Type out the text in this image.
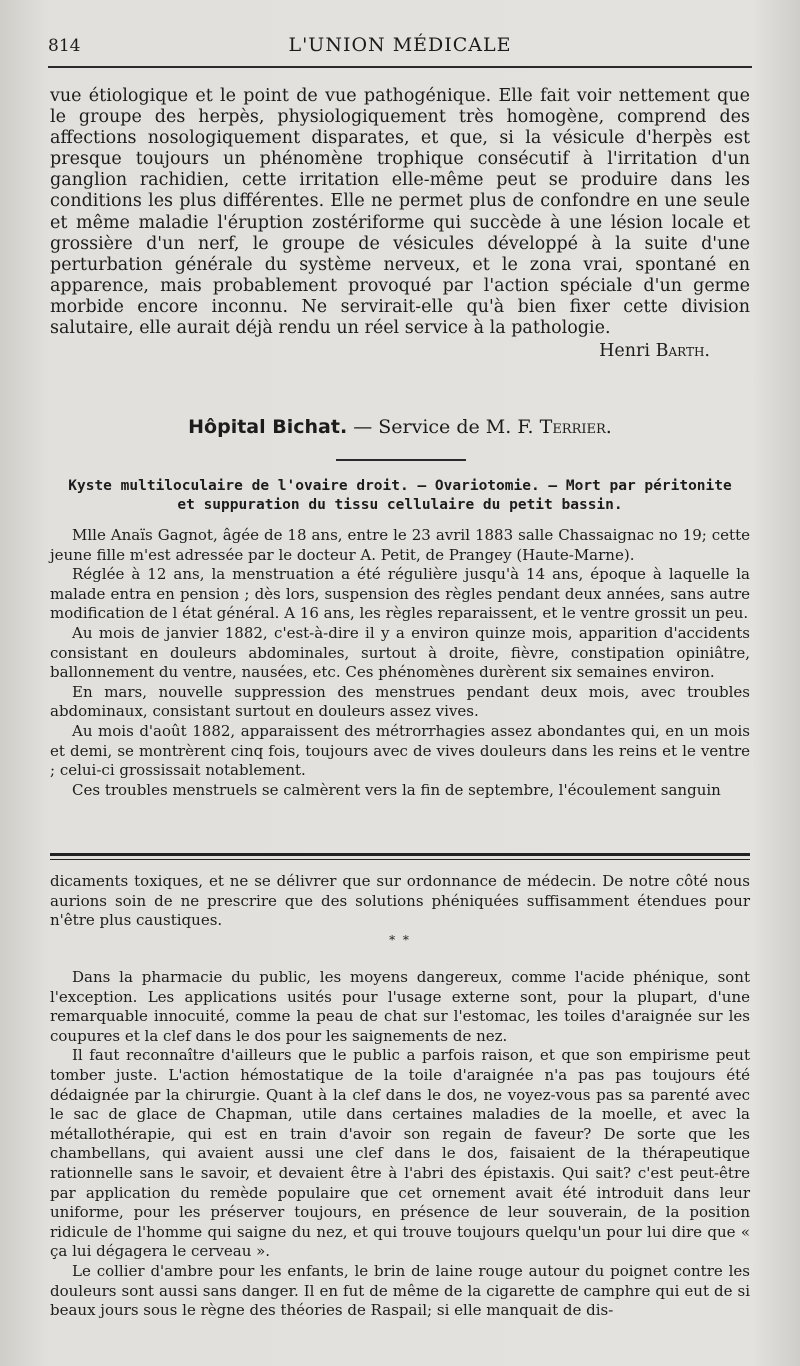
814	L'UNION MÉDICALE

vue étiologique et le point de vue pathogénique. Elle fait voir nettement que le groupe des herpès, physiologiquement très homogène, comprend des affections nosologiquement disparates, et que, si la vésicule d'herpès est presque toujours un phénomène trophique consécutif à l'irritation d'un ganglion rachidien, cette irritation elle-même peut se produire dans les conditions les plus différentes. Elle ne permet plus de confondre en une seule et même maladie l'éruption zostériforme qui succède à une lésion locale et grossière d'un nerf, le groupe de vésicules développé à la suite d'une perturbation générale du système nerveux, et le zona vrai, spontané en apparence, mais probablement provoqué par l'action spéciale d'un germe morbide encore inconnu. Ne servirait-elle qu'à bien fixer cette division salutaire, elle aurait déjà rendu un réel service à la pathologie.

Henri Barth.

Hôpital Bichat. — Service de M. F. Terrier.
Kyste multiloculaire de l'ovaire droit. — Ovariotomie. — Mort par péritonite
et suppuration du tissu cellulaire du petit bassin.

Mlle Anaïs Gagnot, âgée de 18 ans, entre le 23 avril 1883 salle Chassaignac no 19; cette jeune fille m'est adressée par le docteur A. Petit, de Prangey (Haute-Marne).

Réglée à 12 ans, la menstruation a été régulière jusqu'à 14 ans, époque à laquelle la malade entra en pension ; dès lors, suspension des règles pendant deux années, sans autre modification de l état général. A 16 ans, les règles reparaissent, et le ventre grossit un peu.

Au mois de janvier 1882, c'est-à-dire il y a environ quinze mois, apparition d'accidents consistant en douleurs abdominales, surtout à droite, fièvre, constipation opiniâtre, ballonnement du ventre, nausées, etc. Ces phénomènes durèrent six semaines environ.

En mars, nouvelle suppression des menstrues pendant deux mois, avec troubles abdominaux, consistant surtout en douleurs assez vives.

Au mois d'août 1882, apparaissent des métrorrhagies assez abondantes qui, en un mois et demi, se montrèrent cinq fois, toujours avec de vives douleurs dans les reins et le ventre ; celui-ci grossissait notablement.

Ces troubles menstruels se calmèrent vers la fin de septembre, l'écoulement sanguin

dicaments toxiques, et ne se délivrer que sur ordonnance de médecin. De notre côté nous aurions soin de ne prescrire que des solutions phéniquées suffisamment étendues pour n'être plus caustiques.

* *

Dans la pharmacie du public, les moyens dangereux, comme l'acide phénique, sont l'exception. Les applications usités pour l'usage externe sont, pour la plupart, d'une remarquable innocuité, comme la peau de chat sur l'estomac, les toiles d'araignée sur les coupures et la clef dans le dos pour les saignements de nez.

Il faut reconnaître d'ailleurs que le public a parfois raison, et que son empirisme peut tomber juste. L'action hémostatique de la toile d'araignée n'a pas pas toujours été dédaignée par la chirurgie. Quant à la clef dans le dos, ne voyez-vous pas sa parenté avec le sac de glace de Chapman, utile dans certaines maladies de la moelle, et avec la métallothérapie, qui est en train d'avoir son regain de faveur? De sorte que les chambellans, qui avaient aussi une clef dans le dos, faisaient de la thérapeutique rationnelle sans le savoir, et devaient être à l'abri des épistaxis. Qui sait? c'est peut-être par application du remède populaire que cet ornement avait été introduit dans leur uniforme, pour les préserver toujours, en présence de leur souverain, de la position ridicule de l'homme qui saigne du nez, et qui trouve toujours quelqu'un pour lui dire que « ça lui dégagera le cerveau ».

Le collier d'ambre pour les enfants, le brin de laine rouge autour du poignet contre les douleurs sont aussi sans danger. Il en fut de même de la cigarette de camphre qui eut de si beaux jours sous le règne des théories de Raspail; si elle manquait de dis-
